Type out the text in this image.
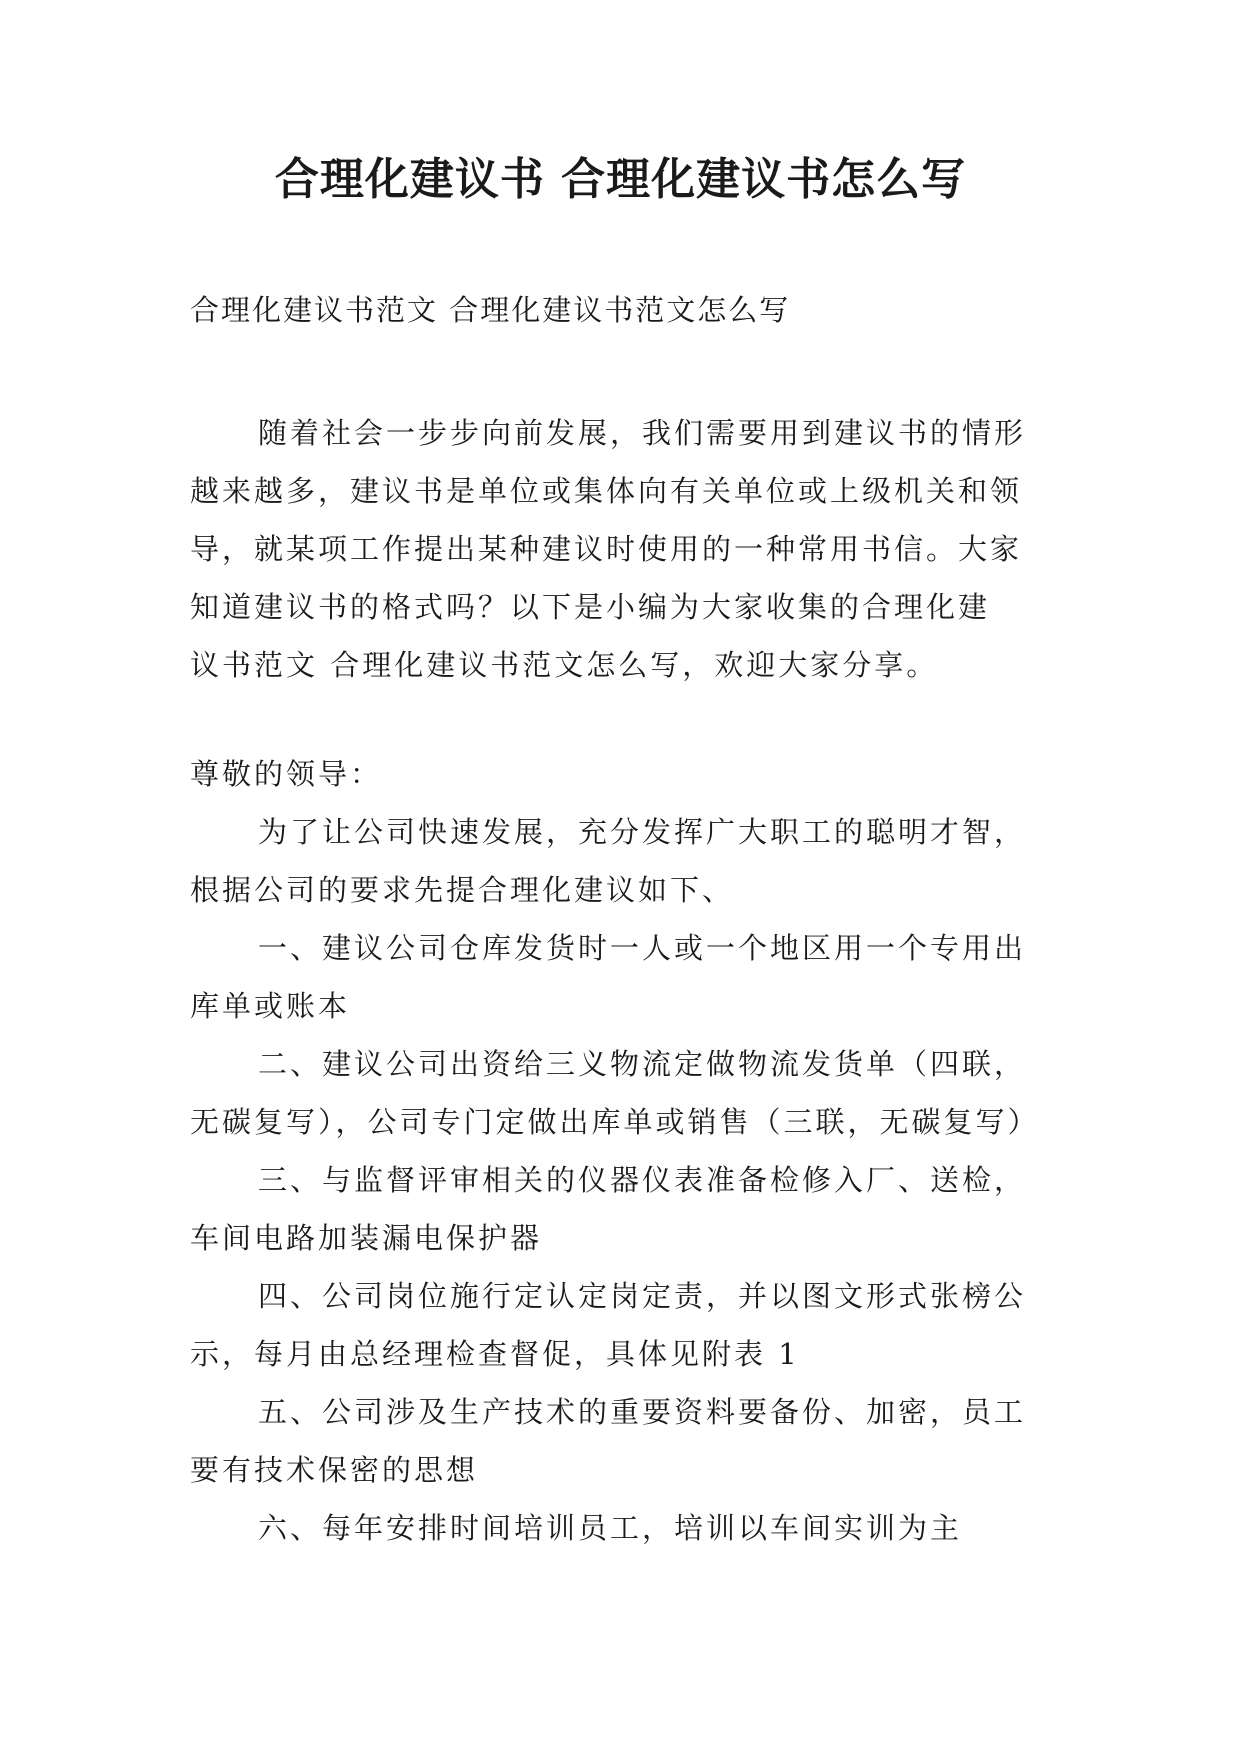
合理化建议书 合理化建议书怎么写

合理化建议书范文 合理化建议书范文怎么写

随着社会一步步向前发展，我们需要用到建议书的情形
越来越多，建议书是单位或集体向有关单位或上级机关和领
导，就某项工作提出某种建议时使用的一种常用书信。大家
知道建议书的格式吗？以下是小编为大家收集的合理化建
议书范文 合理化建议书范文怎么写，欢迎大家分享。
尊敬的领导：
为了让公司快速发展，充分发挥广大职工的聪明才智，
根据公司的要求先提合理化建议如下、
一、建议公司仓库发货时一人或一个地区用一个专用出
库单或账本
二、建议公司出资给三义物流定做物流发货单（四联，
无碳复写），公司专门定做出库单或销售（三联，无碳复写）
三、与监督评审相关的仪器仪表准备检修入厂、送检，
车间电路加装漏电保护器
四、公司岗位施行定认定岗定责，并以图文形式张榜公
示，每月由总经理检查督促，具体见附表 1
五、公司涉及生产技术的重要资料要备份、加密，员工
要有技术保密的思想
六、每年安排时间培训员工，培训以车间实训为主
